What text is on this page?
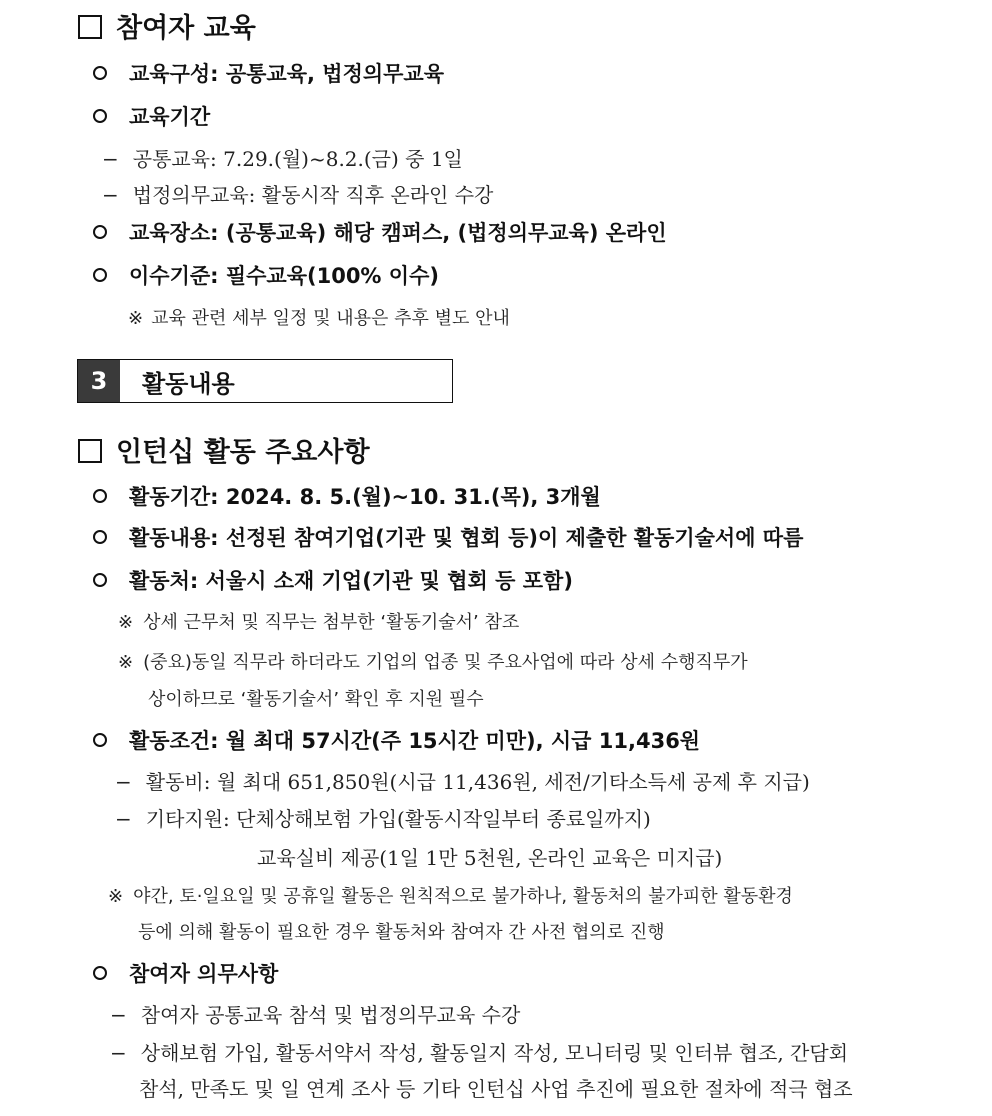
참여자 교육
교육구성: 공통교육, 법정의무교육
교육기간
− 공통교육: 7.29.(월)~8.2.(금) 중 1일
− 법정의무교육: 활동시작 직후 온라인 수강
교육장소: (공통교육) 해당 캠퍼스, (법정의무교육) 온라인
이수기준: 필수교육(100% 이수)
※ 교육 관련 세부 일정 및 내용은 추후 별도 안내
3	활동내용
인턴십 활동 주요사항
활동기간: 2024. 8. 5.(월)~10. 31.(목), 3개월
활동내용: 선정된 참여기업(기관 및 협회 등)이 제출한 활동기술서에 따름
활동처: 서울시 소재 기업(기관 및 협회 등 포함)
※ 상세 근무처 및 직무는 첨부한 ‘활동기술서’ 참조
※ (중요)동일 직무라 하더라도 기업의 업종 및 주요사업에 따라 상세 수행직무가
상이하므로 ‘활동기술서’ 확인 후 지원 필수
활동조건: 월 최대 57시간(주 15시간 미만), 시급 11,436원
− 활동비: 월 최대 651,850원(시급 11,436원, 세전/기타소득세 공제 후 지급)
− 기타지원: 단체상해보험 가입(활동시작일부터 종료일까지)
교육실비 제공(1일 1만 5천원, 온라인 교육은 미지급)
※ 야간, 토·일요일 및 공휴일 활동은 원칙적으로 불가하나, 활동처의 불가피한 활동환경
등에 의해 활동이 필요한 경우 활동처와 참여자 간 사전 협의로 진행
참여자 의무사항
− 참여자 공통교육 참석 및 법정의무교육 수강
− 상해보험 가입, 활동서약서 작성, 활동일지 작성, 모니터링 및 인터뷰 협조, 간담회
참석, 만족도 및 일 연계 조사 등 기타 인턴십 사업 추진에 필요한 절차에 적극 협조
